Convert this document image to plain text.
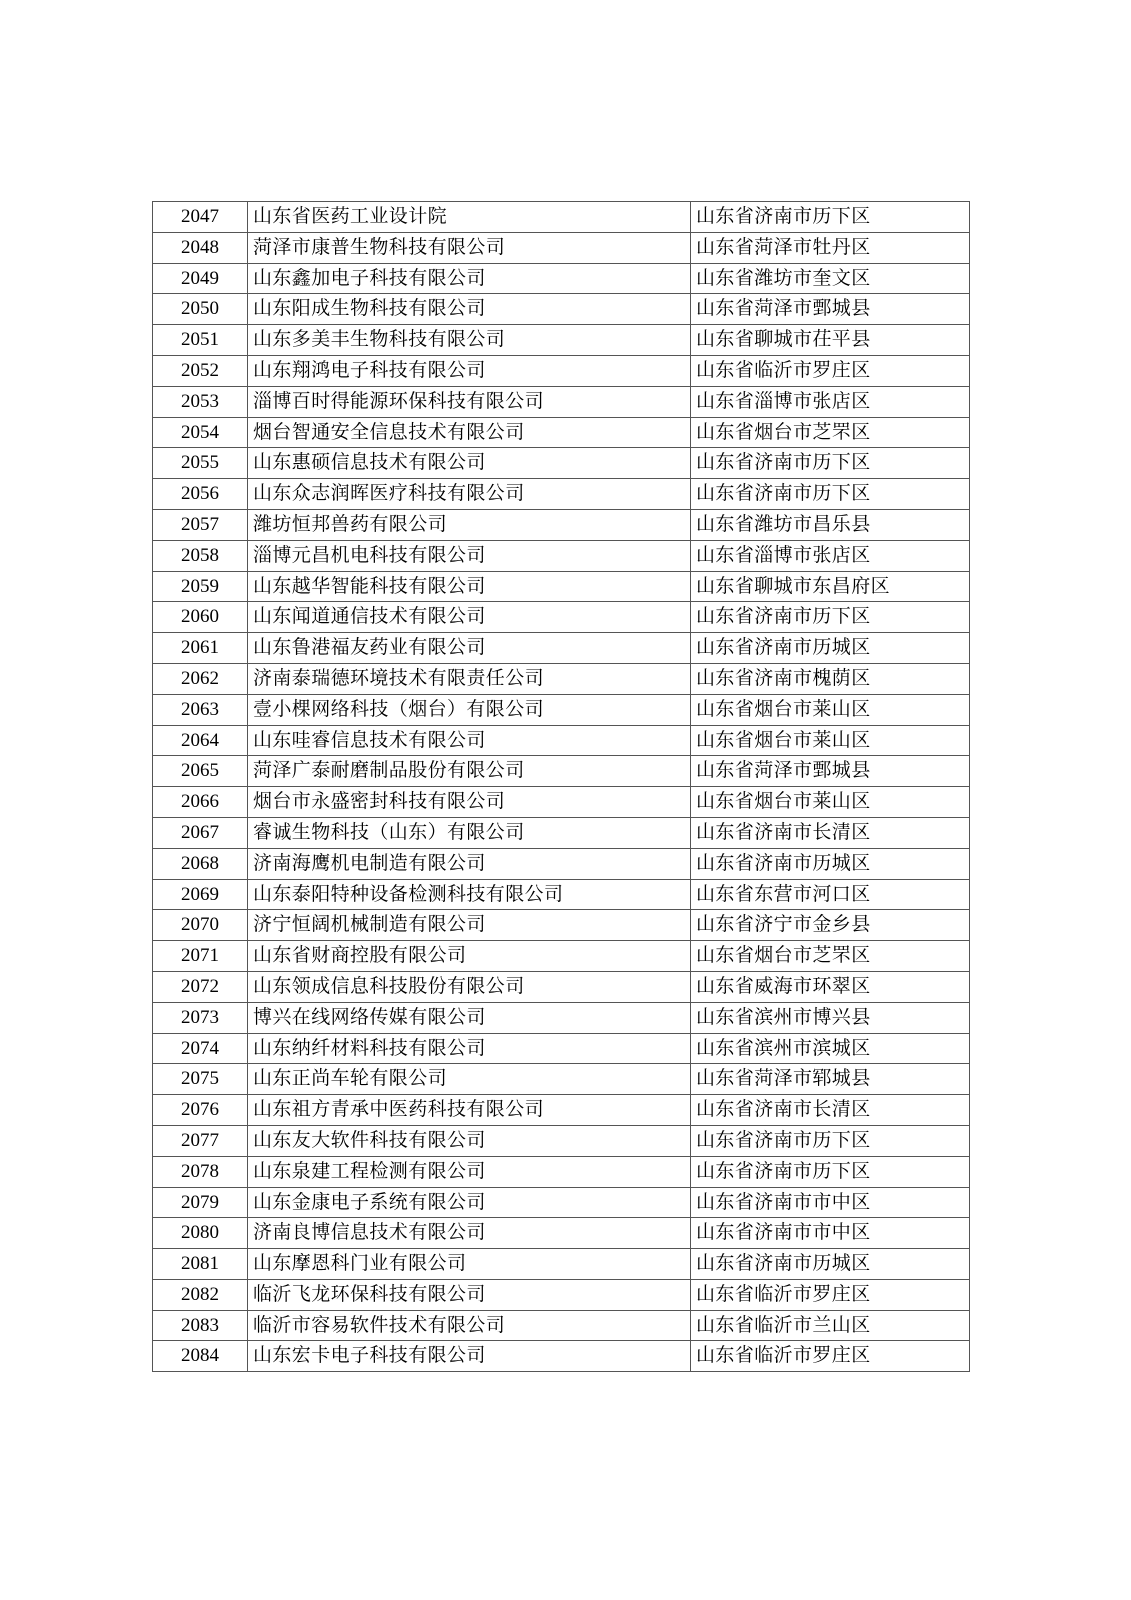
2047	山东省医药工业设计院	山东省济南市历下区
2048	菏泽市康普生物科技有限公司	山东省菏泽市牡丹区
2049	山东鑫加电子科技有限公司	山东省潍坊市奎文区
2050	山东阳成生物科技有限公司	山东省菏泽市鄄城县
2051	山东多美丰生物科技有限公司	山东省聊城市茌平县
2052	山东翔鸿电子科技有限公司	山东省临沂市罗庄区
2053	淄博百时得能源环保科技有限公司	山东省淄博市张店区
2054	烟台智通安全信息技术有限公司	山东省烟台市芝罘区
2055	山东惠硕信息技术有限公司	山东省济南市历下区
2056	山东众志润晖医疗科技有限公司	山东省济南市历下区
2057	潍坊恒邦兽药有限公司	山东省潍坊市昌乐县
2058	淄博元昌机电科技有限公司	山东省淄博市张店区
2059	山东越华智能科技有限公司	山东省聊城市东昌府区
2060	山东闻道通信技术有限公司	山东省济南市历下区
2061	山东鲁港福友药业有限公司	山东省济南市历城区
2062	济南泰瑞德环境技术有限责任公司	山东省济南市槐荫区
2063	壹小棵网络科技（烟台）有限公司	山东省烟台市莱山区
2064	山东哇睿信息技术有限公司	山东省烟台市莱山区
2065	菏泽广泰耐磨制品股份有限公司	山东省菏泽市鄄城县
2066	烟台市永盛密封科技有限公司	山东省烟台市莱山区
2067	睿诚生物科技（山东）有限公司	山东省济南市长清区
2068	济南海鹰机电制造有限公司	山东省济南市历城区
2069	山东泰阳特种设备检测科技有限公司	山东省东营市河口区
2070	济宁恒阔机械制造有限公司	山东省济宁市金乡县
2071	山东省财商控股有限公司	山东省烟台市芝罘区
2072	山东领成信息科技股份有限公司	山东省威海市环翠区
2073	博兴在线网络传媒有限公司	山东省滨州市博兴县
2074	山东纳纤材料科技有限公司	山东省滨州市滨城区
2075	山东正尚车轮有限公司	山东省菏泽市郓城县
2076	山东祖方青承中医药科技有限公司	山东省济南市长清区
2077	山东友大软件科技有限公司	山东省济南市历下区
2078	山东泉建工程检测有限公司	山东省济南市历下区
2079	山东金康电子系统有限公司	山东省济南市市中区
2080	济南良博信息技术有限公司	山东省济南市市中区
2081	山东摩恩科门业有限公司	山东省济南市历城区
2082	临沂飞龙环保科技有限公司	山东省临沂市罗庄区
2083	临沂市容易软件技术有限公司	山东省临沂市兰山区
2084	山东宏卡电子科技有限公司	山东省临沂市罗庄区
